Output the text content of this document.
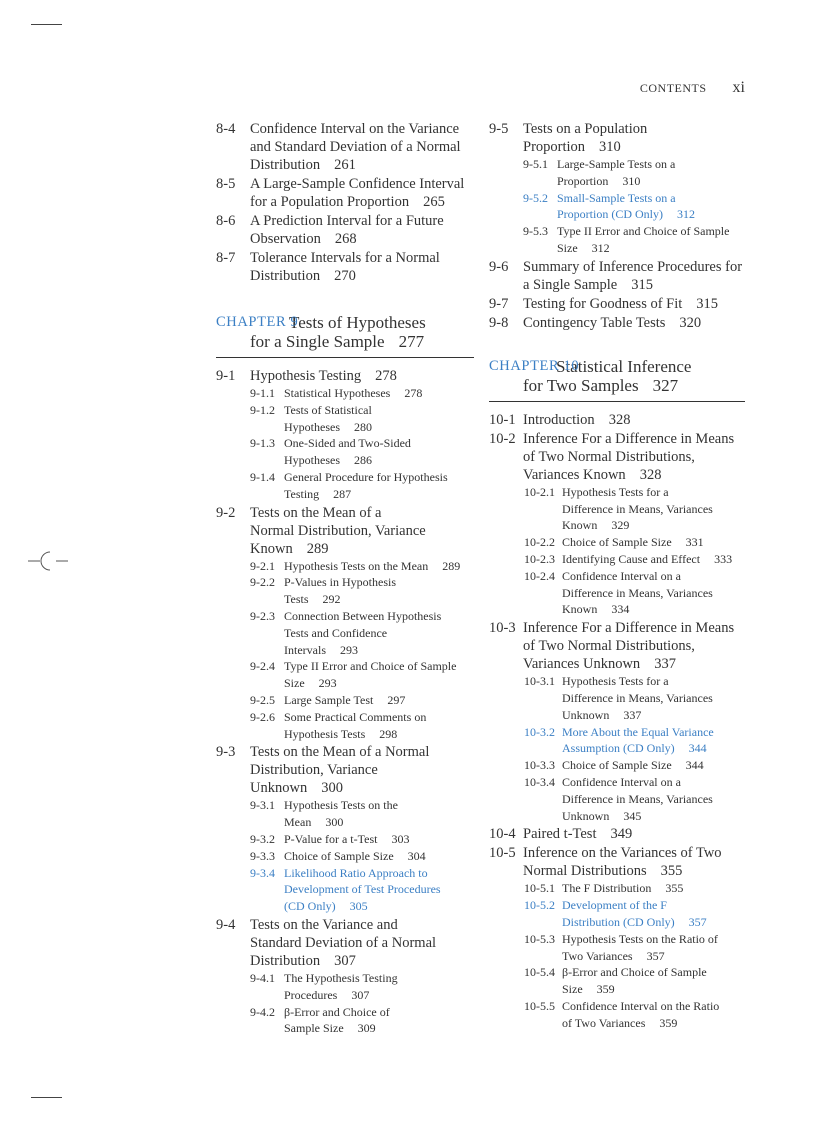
CONTENTS xi
8-4 Confidence Interval on the Variance
and Standard Deviation of a Normal
Distribution 261
8-5 A Large-Sample Confidence Interval
for a Population Proportion 265
8-6 A Prediction Interval for a Future
Observation 268
8-7 Tolerance Intervals for a Normal
Distribution 270
CHAPTER 9
Tests of Hypotheses
for a Single Sample 277
9-1 Hypothesis Testing 278
9-1.1 Statistical Hypotheses 278
9-1.2 Tests of Statistical
Hypotheses 280
9-1.3 One-Sided and Two-Sided
Hypotheses 286
9-1.4 General Procedure for Hypothesis
Testing 287
9-2 Tests on the Mean of a
Normal Distribution, Variance
Known 289
9-2.1 Hypothesis Tests on the Mean 289
9-2.2 P-Values in Hypothesis
Tests 292
9-2.3 Connection Between Hypothesis
Tests and Confidence
Intervals 293
9-2.4 Type II Error and Choice of Sample
Size 293
9-2.5 Large Sample Test 297
9-2.6 Some Practical Comments on
Hypothesis Tests 298
9-3 Tests on the Mean of a Normal
Distribution, Variance
Unknown 300
9-3.1 Hypothesis Tests on the
Mean 300
9-3.2 P-Value for a t-Test 303
9-3.3 Choice of Sample Size 304
9-3.4 Likelihood Ratio Approach to
Development of Test Procedures
(CD Only) 305
9-4 Tests on the Variance and
Standard Deviation of a Normal
Distribution 307
9-4.1 The Hypothesis Testing
Procedures 307
9-4.2 β-Error and Choice of
Sample Size 309
9-5 Tests on a Population
Proportion 310
9-5.1 Large-Sample Tests on a
Proportion 310
9-5.2 Small-Sample Tests on a
Proportion (CD Only) 312
9-5.3 Type II Error and Choice of Sample
Size 312
9-6 Summary of Inference Procedures for
a Single Sample 315
9-7 Testing for Goodness of Fit 315
9-8 Contingency Table Tests 320
CHAPTER 10
Statistical Inference
for Two Samples 327
10-1 Introduction 328
10-2 Inference For a Difference in Means
of Two Normal Distributions,
Variances Known 328
10-2.1 Hypothesis Tests for a
Difference in Means, Variances
Known 329
10-2.2 Choice of Sample Size 331
10-2.3 Identifying Cause and Effect 333
10-2.4 Confidence Interval on a
Difference in Means, Variances
Known 334
10-3 Inference For a Difference in Means
of Two Normal Distributions,
Variances Unknown 337
10-3.1 Hypothesis Tests for a
Difference in Means, Variances
Unknown 337
10-3.2 More About the Equal Variance
Assumption (CD Only) 344
10-3.3 Choice of Sample Size 344
10-3.4 Confidence Interval on a
Difference in Means, Variances
Unknown 345
10-4 Paired t-Test 349
10-5 Inference on the Variances of Two
Normal Distributions 355
10-5.1 The F Distribution 355
10-5.2 Development of the F
Distribution (CD Only) 357
10-5.3 Hypothesis Tests on the Ratio of
Two Variances 357
10-5.4 β-Error and Choice of Sample
Size 359
10-5.5 Confidence Interval on the Ratio
of Two Variances 359
